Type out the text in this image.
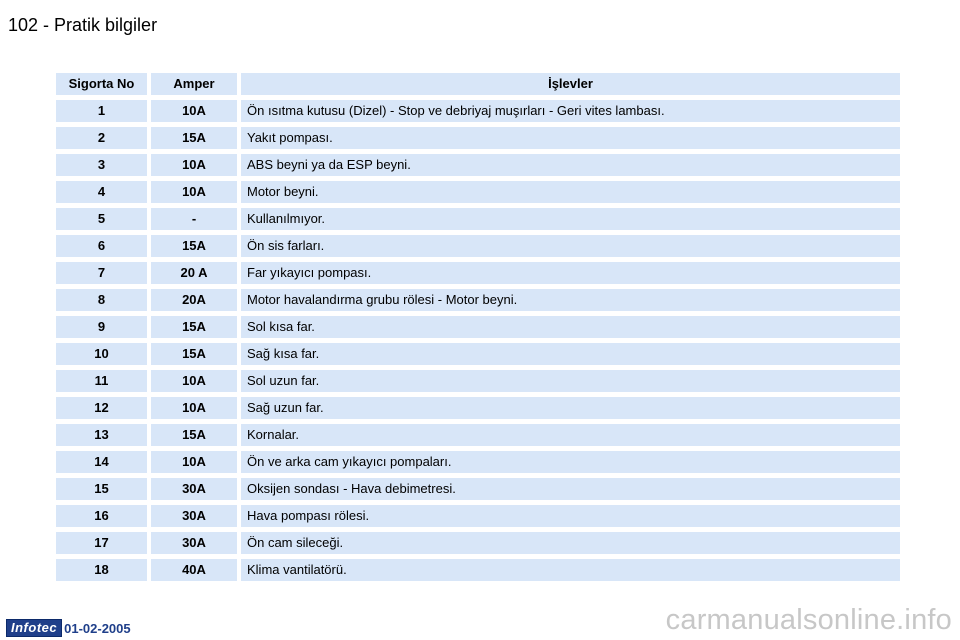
102 - Pratik bilgiler
Sigorta No	Amper	İşlevler
1	10A	Ön ısıtma kutusu (Dizel) - Stop ve debriyaj muşırları - Geri vites lambası.
2	15A	Yakıt pompası.
3	10A	ABS beyni ya da ESP beyni.
4	10A	Motor beyni.
5	-	Kullanılmıyor.
6	15A	Ön sis farları.
7	20 A	Far yıkayıcı pompası.
8	20A	Motor havalandırma grubu rölesi - Motor beyni.
9	15A	Sol kısa far.
10	15A	Sağ kısa far.
11	10A	Sol uzun far.
12	10A	Sağ uzun far.
13	15A	Kornalar.
14	10A	Ön ve arka cam yıkayıcı pompaları.
15	30A	Oksijen sondası - Hava debimetresi.
16	30A	Hava pompası rölesi.
17	30A	Ön cam sileceği.
18	40A	Klima vantilatörü.
Infotec 01-02-2005	carmanualsonline.info
